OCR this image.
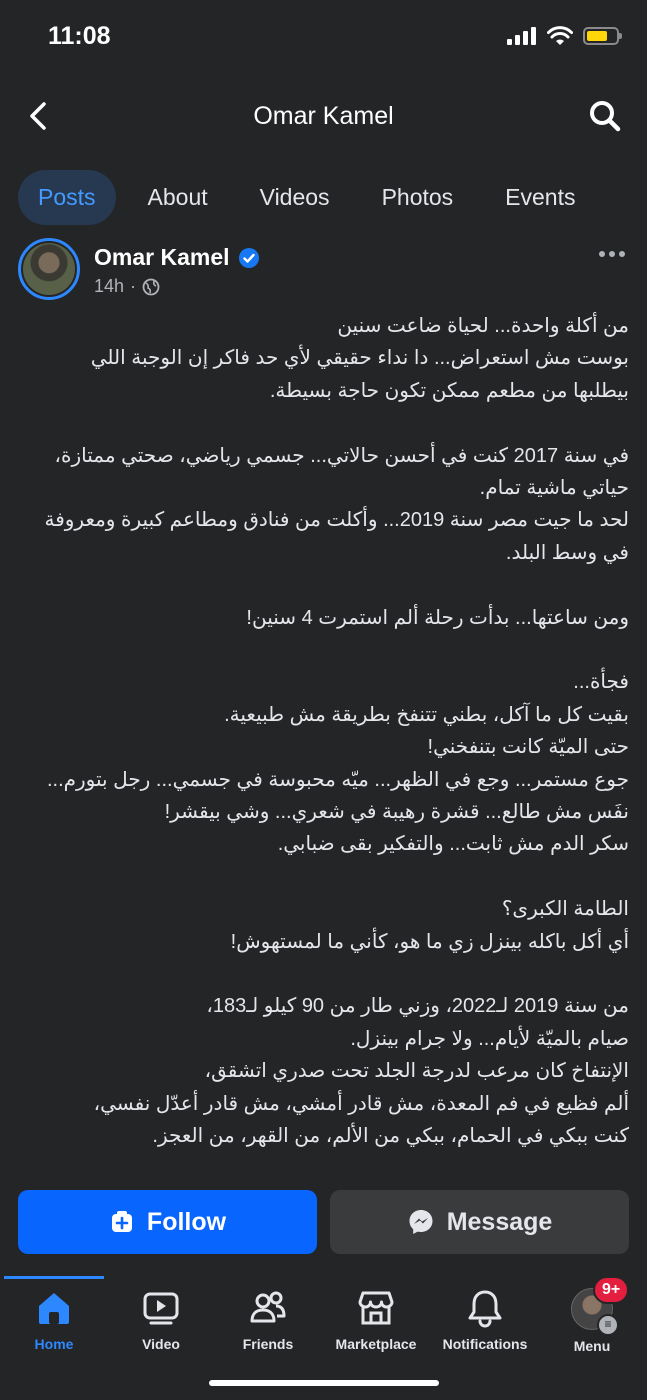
11:08
Omar Kamel
Posts	About	Videos	Photos	Events
Omar Kamel
14h ·

من أكلة واحدة... لحياة ضاعت سنين

بوست مش استعراض... دا نداء حقيقي لأي حد فاكر إن الوجبة اللي

بيطلبها من مطعم ممكن تكون حاجة بسيطة.

في سنة 2017 كنت في أحسن حالاتي... جسمي رياضي، صحتي ممتازة،

حياتي ماشية تمام.

لحد ما جيت مصر سنة 2019... وأكلت من فنادق ومطاعم كبيرة ومعروفة

في وسط البلد.

ومن ساعتها... بدأت رحلة ألم استمرت 4 سنين!

فجأة...

بقيت كل ما آكل، بطني تتنفخ بطريقة مش طبيعية.

حتى الميّة كانت بتنفخني!

جوع مستمر... وجع في الظهر... ميّه محبوسة في جسمي... رجل بتورم...

نفَس مش طالع... قشرة رهيبة في شعري... وشي بيقشر!

سكر الدم مش ثابت... والتفكير بقى ضبابي.

الطامة الكبرى؟

أي أكل باكله بينزل زي ما هو، كأني ما لمستهوش!

من سنة 2019 لـ2022، وزني طار من 90 كيلو لـ183،

صيام بالميّة لأيام... ولا جرام بينزل.

الإنتفاخ كان مرعب لدرجة الجلد تحت صدري اتشقق،

ألم فظيع في فم المعدة، مش قادر أمشي، مش قادر أعدّل نفسي،

كنت ببكي في الحمام، ببكي من الألم، من القهر، من العجز.

Follow	Message
Home	Video	Friends	Marketplace	Notifications
9+
≡
Menu
